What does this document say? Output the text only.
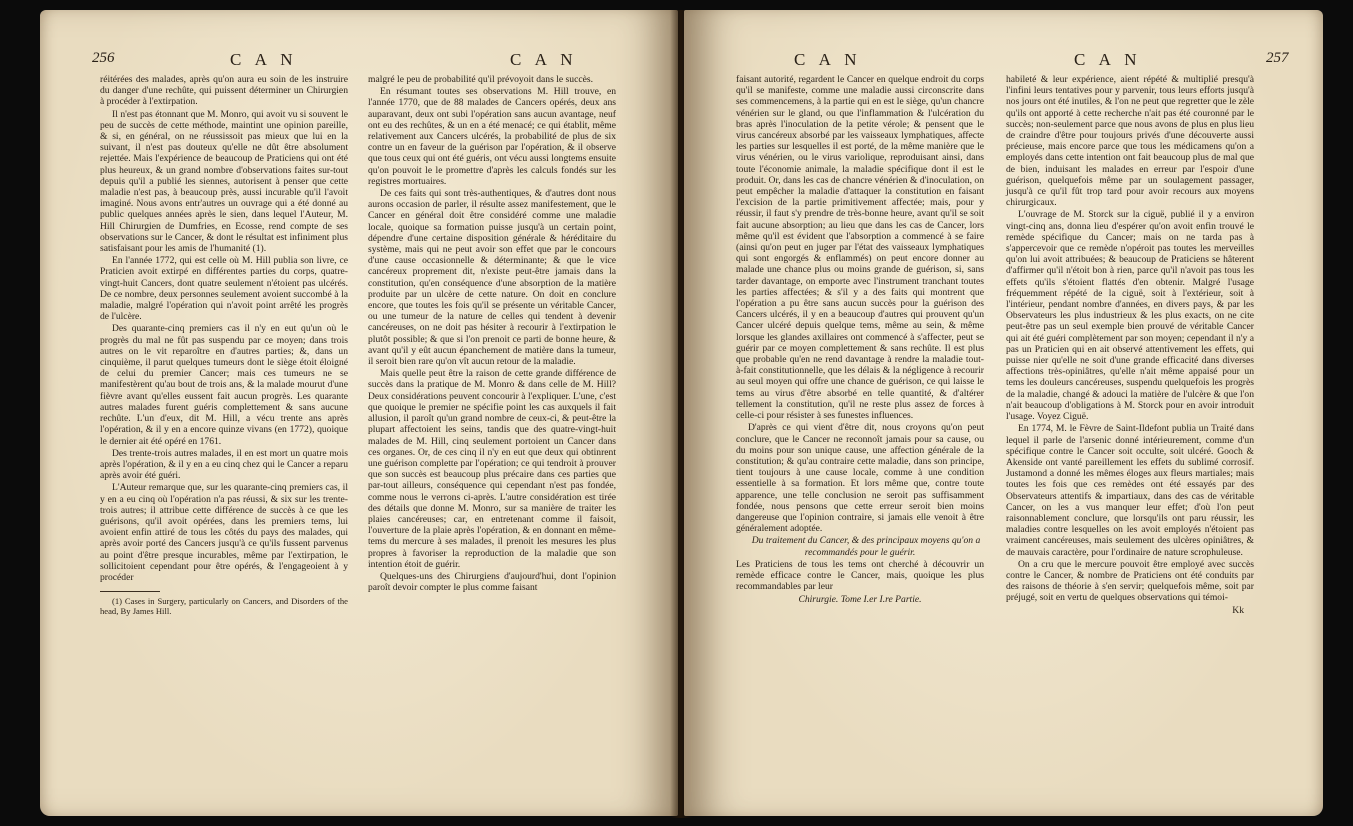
256	C A N	C A N

réitérées des malades, après qu'on aura eu soin de les instruire du danger d'une rechûte, qui puissent déterminer un Chirurgien à procéder à l'extirpation.

Il n'est pas étonnant que M. Monro, qui avoit vu si souvent le peu de succès de cette méthode, maintint une opinion pareille, & si, en général, on ne réussissoit pas mieux que lui en la suivant, il n'est pas douteux qu'elle ne dût être absolument rejettée. Mais l'expérience de beaucoup de Praticiens qui ont été plus heureux, & un grand nombre d'observations faites sur-tout depuis qu'il a publié les siennes, autorisent à penser que cette maladie n'est pas, à beaucoup près, aussi incurable qu'il l'avoit imaginé. Nous avons entr'autres un ouvrage qui a été donné au public quelques années après le sien, dans lequel l'Auteur, M. Hill Chirurgien de Dumfries, en Ecosse, rend compte de ses observations sur le Cancer, & dont le résultat est infiniment plus satisfaisant pour les amis de l'humanité (1).

En l'année 1772, qui est celle où M. Hill publia son livre, ce Praticien avoit extirpé en différentes parties du corps, quatre-vingt-huit Cancers, dont quatre seulement n'étoient pas ulcérés. De ce nombre, deux personnes seulement avoient succombé à la maladie, malgré l'opération qui n'avoit point arrêté les progrès de l'ulcère.

Des quarante-cinq premiers cas il n'y en eut qu'un où le progrès du mal ne fût pas suspendu par ce moyen; dans trois autres on le vit reparoître en d'autres parties; &, dans un cinquième, il parut quelques tumeurs dont le siège étoit éloigné de celui du premier Cancer; mais ces tumeurs ne se manifestèrent qu'au bout de trois ans, & la malade mourut d'une fièvre avant qu'elles eussent fait aucun progrès. Les quarante autres malades furent guéris complettement & sans aucune rechûte. L'un d'eux, dit M. Hill, a vécu trente ans après l'opération, & il y en a encore quinze vivans (en 1772), quoique le dernier ait été opéré en 1761.

Des trente-trois autres malades, il en est mort un quatre mois après l'opération, & il y en a eu cinq chez qui le Cancer a reparu après avoir été guéri.

L'Auteur remarque que, sur les quarante-cinq premiers cas, il y en a eu cinq où l'opération n'a pas réussi, & six sur les trente-trois autres; il attribue cette différence de succès à ce que les guérisons, qu'il avoit opérées, dans les premiers tems, lui avoient enfin attiré de tous les côtés du pays des malades, qui après avoir porté des Cancers jusqu'à ce qu'ils fussent parvenus au point d'être presque incurables, même par l'extirpation, le sollicitoient cependant pour être opérés, & l'engageoient à y procéder

(1) Cases in Surgery, particularly on Cancers, and Disorders of the head, By James Hill.

malgré le peu de probabilité qu'il prévoyoit dans le succès.

En résumant toutes ses observations M. Hill trouve, en l'année 1770, que de 88 malades de Cancers opérés, deux ans auparavant, deux ont subi l'opération sans aucun avantage, neuf ont eu des rechûtes, & un en a été menacé; ce qui établit, même relativement aux Cancers ulcérés, la probabilité de plus de six contre un en faveur de la guérison par l'opération, & il observe que tous ceux qui ont été guéris, ont vécu aussi longtems ensuite qu'on pouvoit le le promettre d'après les calculs fondés sur les registres mortuaires.

De ces faits qui sont très-authentiques, & d'autres dont nous aurons occasion de parler, il résulte assez manifestement, que le Cancer en général doit être considéré comme une maladie locale, quoique sa formation puisse jusqu'à un certain point, dépendre d'une certaine disposition générale & héréditaire du système, mais qui ne peut avoir son effet que par le concours d'une cause occasionnelle & déterminante; & que le vice cancéreux proprement dit, n'existe peut-être jamais dans la constitution, qu'en conséquence d'une absorption de la matière produite par un ulcère de cette nature. On doit en conclure encore, que toutes les fois qu'il se présente un véritable Cancer, ou une tumeur de la nature de celles qui tendent à devenir cancéreuses, on ne doit pas hésiter à recourir à l'extirpation le plutôt possible; & que si l'on prenoit ce parti de bonne heure, & avant qu'il y eût aucun épanchement de matière dans la tumeur, il seroit bien rare qu'on vît aucun retour de la maladie.

Mais quelle peut être la raison de cette grande différence de succès dans la pratique de M. Monro & dans celle de M. Hill? Deux considérations peuvent concourir à l'expliquer. L'une, c'est que quoique le premier ne spécifie point les cas auxquels il fait allusion, il paroît qu'un grand nombre de ceux-ci, & peut-être la plupart affectoient les seins, tandis que des quatre-vingt-huit malades de M. Hill, cinq seulement portoient un Cancer dans ces organes. Or, de ces cinq il n'y en eut que deux qui obtinrent une guérison complette par l'opération; ce qui tendroit à prouver que son succès est beaucoup plus précaire dans ces parties que par-tout ailleurs, conséquence qui cependant n'est pas fondée, comme nous le verrons ci-après. L'autre considération est tirée des détails que donne M. Monro, sur sa manière de traiter les plaies cancéreuses; car, en entretenant comme il faisoit, l'ouverture de la plaie après l'opération, & en donnant en même-tems du mercure à ses malades, il prenoit les mesures les plus propres à favoriser la reproduction de la maladie que son intention étoit de guérir.

Quelques-uns des Chirurgiens d'aujourd'hui, dont l'opinion paroît devoir compter le plus comme faisant

C A N	C A N	257

faisant autorité, regardent le Cancer en quelque endroit du corps qu'il se manifeste, comme une maladie aussi circonscrite dans ses commencemens, à la partie qui en est le siège, qu'un chancre vénérien sur le gland, ou que l'inflammation & l'ulcération du bras après l'inoculation de la petite vérole; & pensent que le virus cancéreux absorbé par les vaisseaux lymphatiques, affecte les parties sur lesquelles il est porté, de la même manière que le virus vénérien, ou le virus variolique, reproduisant ainsi, dans toute l'économie animale, la maladie spécifique dont il est le produit. Or, dans les cas de chancre vénérien & d'inoculation, on peut empêcher la maladie d'attaquer la constitution en faisant l'excision de la partie primitivement affectée; mais, pour y réussir, il faut s'y prendre de très-bonne heure, avant qu'il se soit fait aucune absorption; au lieu que dans les cas de Cancer, lors même qu'il est évident que l'absorption a commencé à se faire (ainsi qu'on peut en juger par l'état des vaisseaux lymphatiques qui sont engorgés & enflammés) on peut encore donner au malade une chance plus ou moins grande de guérison, si, sans tarder davantage, on emporte avec l'instrument tranchant toutes les parties affectées; & s'il y a des faits qui montrent que l'opération a pu être sans aucun succès pour la guérison des Cancers ulcérés, il y en a beaucoup d'autres qui prouvent qu'un Cancer ulcéré depuis quelque tems, même au sein, & même lorsque les glandes axillaires ont commencé à s'affecter, peut se guérir par ce moyen complettement & sans rechûte. Il est plus que probable qu'en ne rend davantage à rendre la maladie tout-à-fait constitutionnelle, que les délais & la négligence à recourir au seul moyen qui offre une chance de guérison, ce qui laisse le tems au virus d'être absorbé en telle quantité, & d'altérer tellement la constitution, qu'il ne reste plus assez de forces à celle-ci pour résister à ses funestes influences.

D'après ce qui vient d'être dit, nous croyons qu'on peut conclure, que le Cancer ne reconnoît jamais pour sa cause, ou du moins pour son unique cause, une affection générale de la constitution; & qu'au contraire cette maladie, dans son principe, tient toujours à une cause locale, comme à une condition essentielle à sa formation. Et lors même que, contre toute apparence, une telle conclusion ne seroit pas suffisamment fondée, nous pensons que cette erreur seroit bien moins dangereuse que l'opinion contraire, si jamais elle venoit à être généralement adoptée.

Du traitement du Cancer, & des principaux moyens qu'on a recommandés pour le guérir.

Les Praticiens de tous les tems ont cherché à découvrir un remède efficace contre le Cancer, mais, quoique les plus recommandables par leur

Chirurgie. Tome I.er I.re Partie.

habileté & leur expérience, aient répété & multiplié presqu'à l'infini leurs tentatives pour y parvenir, tous leurs efforts jusqu'à nos jours ont été inutiles, & l'on ne peut que regretter que le zèle qu'ils ont apporté à cette recherche n'ait pas été couronné par le succès; non-seulement parce que nous avons de plus en plus lieu de craindre d'être pour toujours privés d'une découverte aussi précieuse, mais encore parce que tous les médicamens qu'on a employés dans cette intention ont fait beaucoup plus de mal que de bien, induisant les malades en erreur par l'espoir d'une guérison, quelquefois même par un soulagement passager, jusqu'à ce qu'il fût trop tard pour avoir recours aux moyens chirurgicaux.

L'ouvrage de M. Storck sur la ciguë, publié il y a environ vingt-cinq ans, donna lieu d'espérer qu'on avoit enfin trouvé le remède spécifique du Cancer; mais on ne tarda pas à s'appercevoir que ce remède n'opéroit pas toutes les merveilles qu'on lui avoit attribuées; & beaucoup de Praticiens se hâterent d'affirmer qu'il n'étoit bon à rien, parce qu'il n'avoit pas tous les effets qu'ils s'étoient flattés d'en obtenir. Malgré l'usage fréquemment répété de la ciguë, soit à l'extérieur, soit à l'intérieur, pendant nombre d'années, en divers pays, & par les Observateurs les plus industrieux & les plus exacts, on ne cite peut-être pas un seul exemple bien prouvé de véritable Cancer qui ait été guéri complètement par son moyen; cependant il n'y a pas un Praticien qui en ait observé attentivement les effets, qui puisse nier qu'elle ne soit d'une grande efficacité dans diverses affections très-opiniâtres, qu'elle n'ait même appaisé pour un tems les douleurs cancéreuses, suspendu quelquefois les progrès de la maladie, changé & adouci la matière de l'ulcère & que l'on n'ait beaucoup d'obligations à M. Storck pour en avoir introduit l'usage. Voyez Ciguë.

En 1774, M. le Fèvre de Saint-Ildefont publia un Traité dans lequel il parle de l'arsenic donné intérieurement, comme d'un spécifique contre le Cancer soit occulte, soit ulcéré. Gooch & Akenside ont vanté pareillement les effets du sublimé corrosif. Justamond a donné les mêmes éloges aux fleurs martiales; mais toutes les fois que ces remèdes ont été essayés par des Observateurs attentifs & impartiaux, dans des cas de véritable Cancer, on les a vus manquer leur effet; d'où l'on peut raisonnablement conclure, que lorsqu'ils ont paru réussir, les maladies contre lesquelles on les avoit employés n'étoient pas vraiment cancéreuses, mais seulement des ulcères opiniâtres, & de mauvais caractère, pour l'ordinaire de nature scrophuleuse.

On a cru que le mercure pouvoit être employé avec succès contre le Cancer, & nombre de Praticiens ont été conduits par des raisons de théorie à s'en servir; quelquefois même, soit par préjugé, soit en vertu de quelques observations qui témoi-

Kk
